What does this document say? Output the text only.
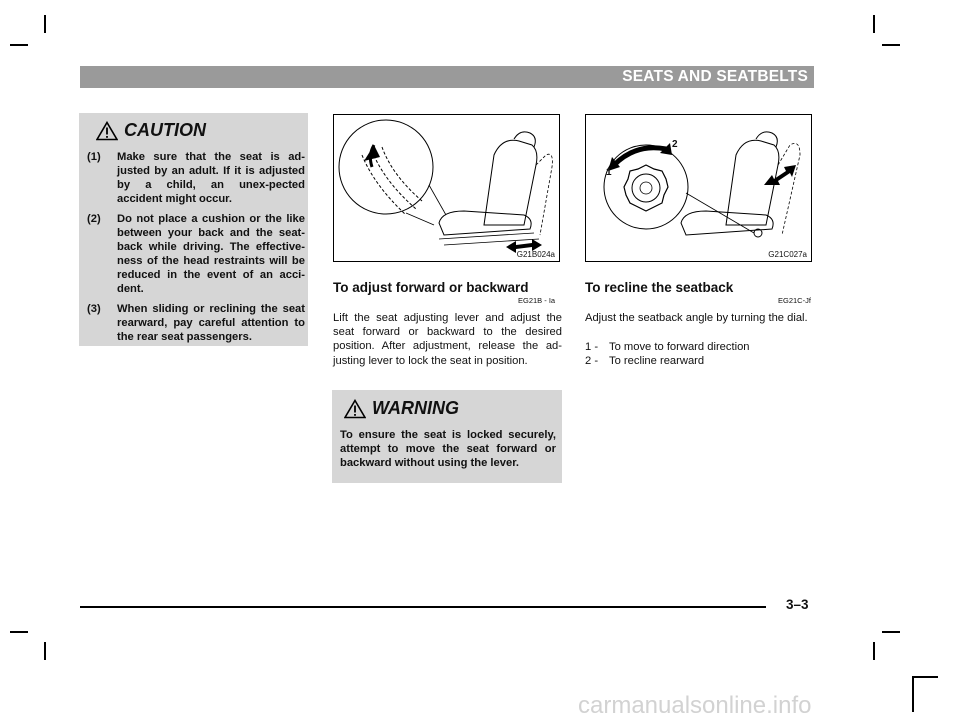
SEATS AND SEATBELTS
CAUTION
(1)	Make sure that the seat is ad-justed by an adult. If it is adjusted by a child, an unex-pected accident might occur.
(2)	Do not place a cushion or the like between your back and the seat-back while driving. The effective-ness of the head restraints will be reduced in the event of an acci-dent.
(3)	When sliding or reclining the seat rearward, pay careful attention to the rear seat passengers.
G21B024a
1
2
G21C027a
To adjust forward or backward
EG21B - Ia
Lift the seat adjusting lever and adjust the seat forward or backward to the desired position. After adjustment, release the ad-justing lever to lock the seat in position.
WARNING
To ensure the seat is locked securely, attempt to move the seat forward or backward without using the lever.
To recline the seatback
EG21C-Jf
Adjust the seatback angle by turning the dial.
1 - To move to forward direction
2 - To recline rearward
3–3
carmanualsonline.info
